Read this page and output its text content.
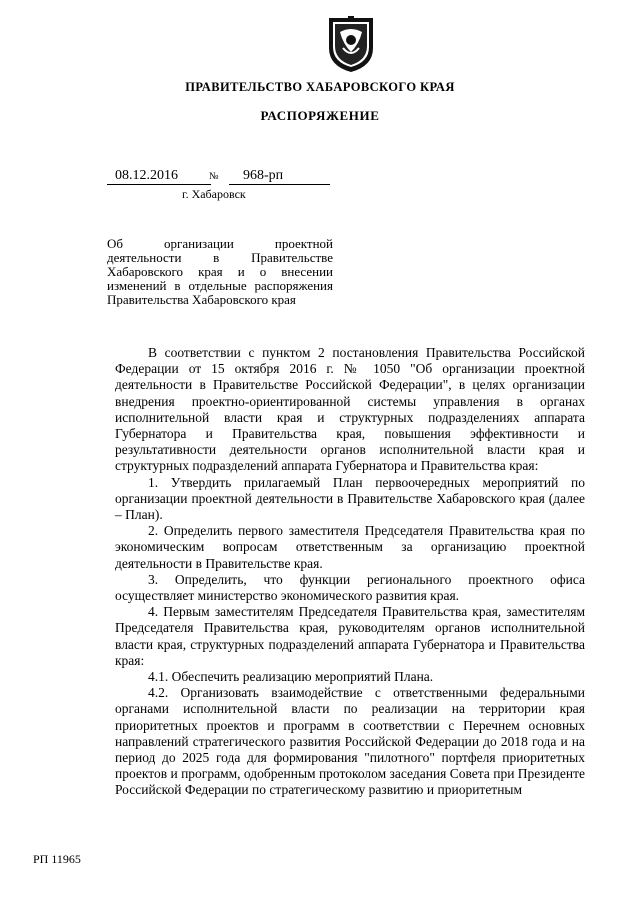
ПРАВИТЕЛЬСТВО ХАБАРОВСКОГО КРАЯ
РАСПОРЯЖЕНИЕ
08.12.2016	№ 968-рп
г. Хабаровск
Об организации проектной деятельности в Правительстве Хабаровского края и о внесении изменений в отдельные распоряжения Правительства Хабаровского края

В соответствии с пунктом 2 постановления Правительства Российской Федерации от 15 октября 2016 г. № 1050 "Об организации проектной деятельности в Правительстве Российской Федерации", в целях организации внедрения проектно-ориентированной системы управления в органах исполнительной власти края и структурных подразделениях аппарата Губернатора и Правительства края, повышения эффективности и результативности деятельности органов исполнительной власти края и структурных подразделений аппарата Губернатора и Правительства края:

1. Утвердить прилагаемый План первоочередных мероприятий по организации проектной деятельности в Правительстве Хабаровского края (далее – План).

2. Определить первого заместителя Председателя Правительства края по экономическим вопросам ответственным за организацию проектной деятельности в Правительстве края.

3. Определить, что функции регионального проектного офиса осуществляет министерство экономического развития края.

4. Первым заместителям Председателя Правительства края, заместителям Председателя Правительства края, руководителям органов исполнительной власти края, структурных подразделений аппарата Губернатора и Правительства края:

4.1. Обеспечить реализацию мероприятий Плана.

4.2. Организовать взаимодействие с ответственными федеральными органами исполнительной власти по реализации на территории края приоритетных проектов и программ в соответствии с Перечнем основных направлений стратегического развития Российской Федерации до 2018 года и на период до 2025 года для формирования "пилотного" портфеля приоритетных проектов и программ, одобренным протоколом заседания Совета при Президенте Российской Федерации по стратегическому развитию и приоритетным

РП 11965
